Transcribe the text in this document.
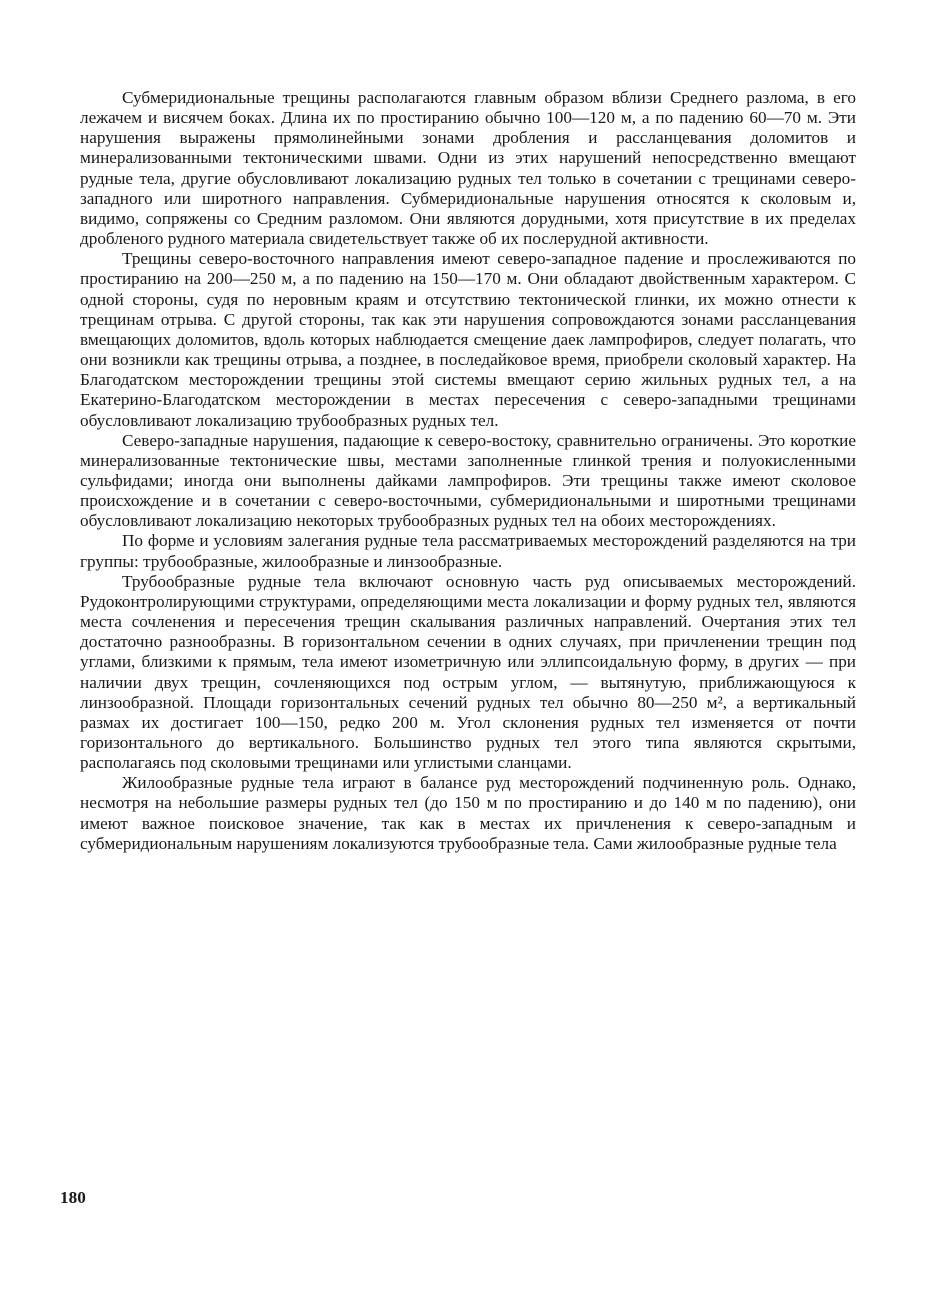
Субмеридиональные трещины располагаются главным образом вблизи Среднего разлома, в его лежачем и висячем боках. Длина их по простиранию обычно 100—120 м, а по падению 60—70 м. Эти нарушения выражены прямолинейными зонами дробления и рассланцевания доломитов и минерализованными тектоническими швами. Одни из этих нарушений непосредственно вмещают рудные тела, другие обусловливают локализацию рудных тел только в сочетании с трещинами северо-западного или широтного направления. Субмеридиональные нарушения относятся к сколовым и, видимо, сопряжены со Средним разломом. Они являются дорудными, хотя присутствие в их пределах дробленого рудного материала свидетельствует также об их послерудной активности.

Трещины северо-восточного направления имеют северо-западное падение и прослеживаются по простиранию на 200—250 м, а по падению на 150—170 м. Они обладают двойственным характером. С одной стороны, судя по неровным краям и отсутствию тектонической глинки, их можно отнести к трещинам отрыва. С другой стороны, так как эти нарушения сопровождаются зонами рассланцевания вмещающих доломитов, вдоль которых наблюдается смещение даек лампрофиров, следует полагать, что они возникли как трещины отрыва, а позднее, в последайковое время, приобрели сколовый характер. На Благодатском месторождении трещины этой системы вмещают серию жильных рудных тел, а на Екатерино-Благодатском месторождении в местах пересечения с северо-западными трещинами обусловливают локализацию трубообразных рудных тел.

Северо-западные нарушения, падающие к северо-востоку, сравнительно ограничены. Это короткие минерализованные тектонические швы, местами заполненные глинкой трения и полуокисленными сульфидами; иногда они выполнены дайками лампрофиров. Эти трещины также имеют сколовое происхождение и в сочетании с северо-восточными, субмеридиональными и широтными трещинами обусловливают локализацию некоторых трубообразных рудных тел на обоих месторождениях.

По форме и условиям залегания рудные тела рассматриваемых месторождений разделяются на три группы: трубообразные, жилообразные и линзообразные.

Трубообразные рудные тела включают основную часть руд описываемых месторождений. Рудоконтролирующими структурами, определяющими места локализации и форму рудных тел, являются места сочленения и пересечения трещин скалывания различных направлений. Очертания этих тел достаточно разнообразны. В горизонтальном сечении в одних случаях, при причленении трещин под углами, близкими к прямым, тела имеют изометричную или эллипсоидальную форму, в других — при наличии двух трещин, сочленяющихся под острым углом, — вытянутую, приближающуюся к линзообразной. Площади горизонтальных сечений рудных тел обычно 80—250 м², а вертикальный размах их достигает 100—150, редко 200 м. Угол склонения рудных тел изменяется от почти горизонтального до вертикального. Большинство рудных тел этого типа являются скрытыми, располагаясь под сколовыми трещинами или углистыми сланцами.

Жилообразные рудные тела играют в балансе руд месторождений подчиненную роль. Однако, несмотря на небольшие размеры рудных тел (до 150 м по простиранию и до 140 м по падению), они имеют важное поисковое значение, так как в местах их причленения к северо-западным и субмеридиональным нарушениям локализуются трубообразные тела. Сами жилообразные рудные тела

180
